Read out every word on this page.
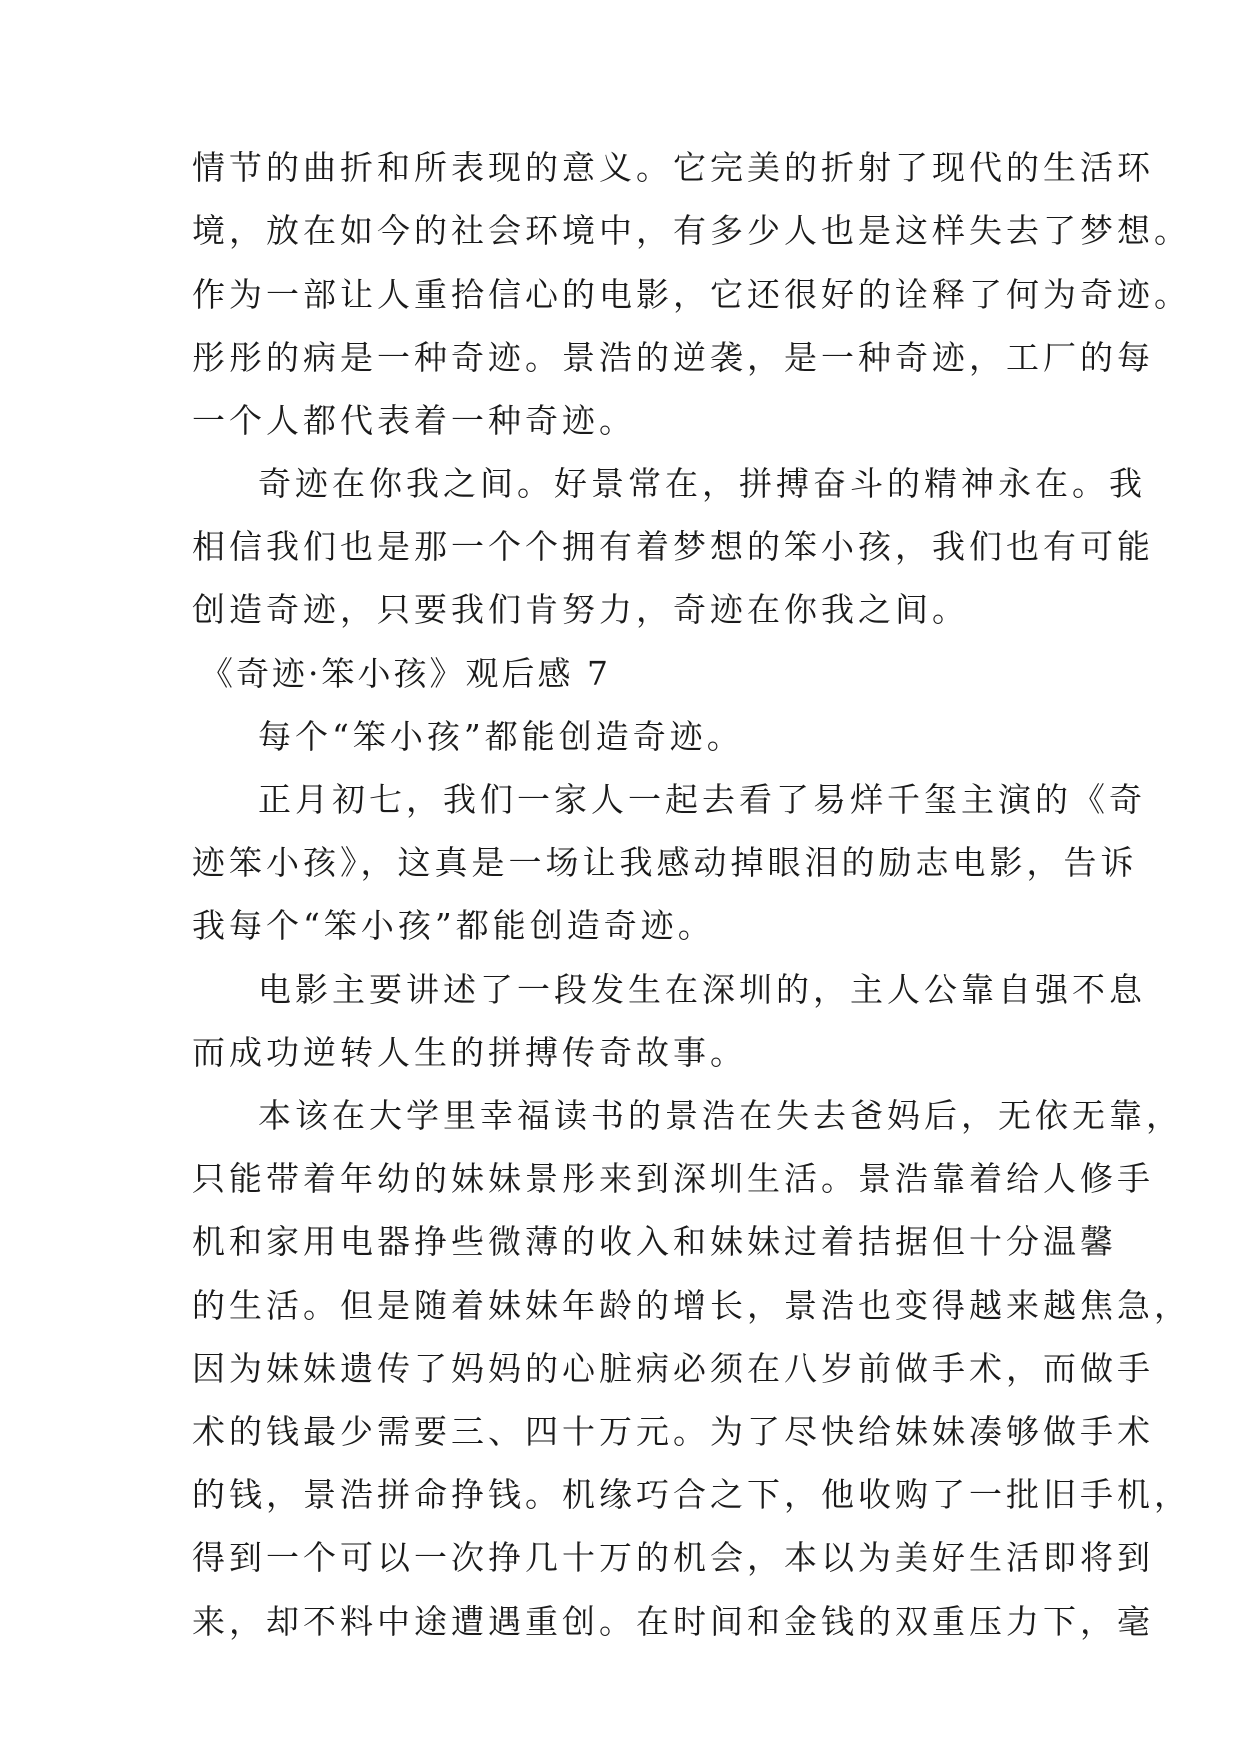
情节的曲折和所表现的意义。它完美的折射了现代的生活环
境，放在如今的社会环境中，有多少人也是这样失去了梦想。
作为一部让人重拾信心的电影，它还很好的诠释了何为奇迹。
彤彤的病是一种奇迹。景浩的逆袭，是一种奇迹，工厂的每
一个人都代表着一种奇迹。
奇迹在你我之间。好景常在，拼搏奋斗的精神永在。我
相信我们也是那一个个拥有着梦想的笨小孩，我们也有可能
创造奇迹，只要我们肯努力，奇迹在你我之间。
《奇迹·笨小孩》观后感 7
每个“笨小孩”都能创造奇迹。
正月初七，我们一家人一起去看了易烊千玺主演的《奇
迹笨小孩》，这真是一场让我感动掉眼泪的励志电影，告诉
我每个“笨小孩”都能创造奇迹。
电影主要讲述了一段发生在深圳的，主人公靠自强不息
而成功逆转人生的拼搏传奇故事。
本该在大学里幸福读书的景浩在失去爸妈后，无依无靠，
只能带着年幼的妹妹景彤来到深圳生活。景浩靠着给人修手
机和家用电器挣些微薄的收入和妹妹过着拮据但十分温馨
的生活。但是随着妹妹年龄的增长，景浩也变得越来越焦急，
因为妹妹遗传了妈妈的心脏病必须在八岁前做手术，而做手
术的钱最少需要三、四十万元。为了尽快给妹妹凑够做手术
的钱，景浩拼命挣钱。机缘巧合之下，他收购了一批旧手机，
得到一个可以一次挣几十万的机会，本以为美好生活即将到
来，却不料中途遭遇重创。在时间和金钱的双重压力下，毫
